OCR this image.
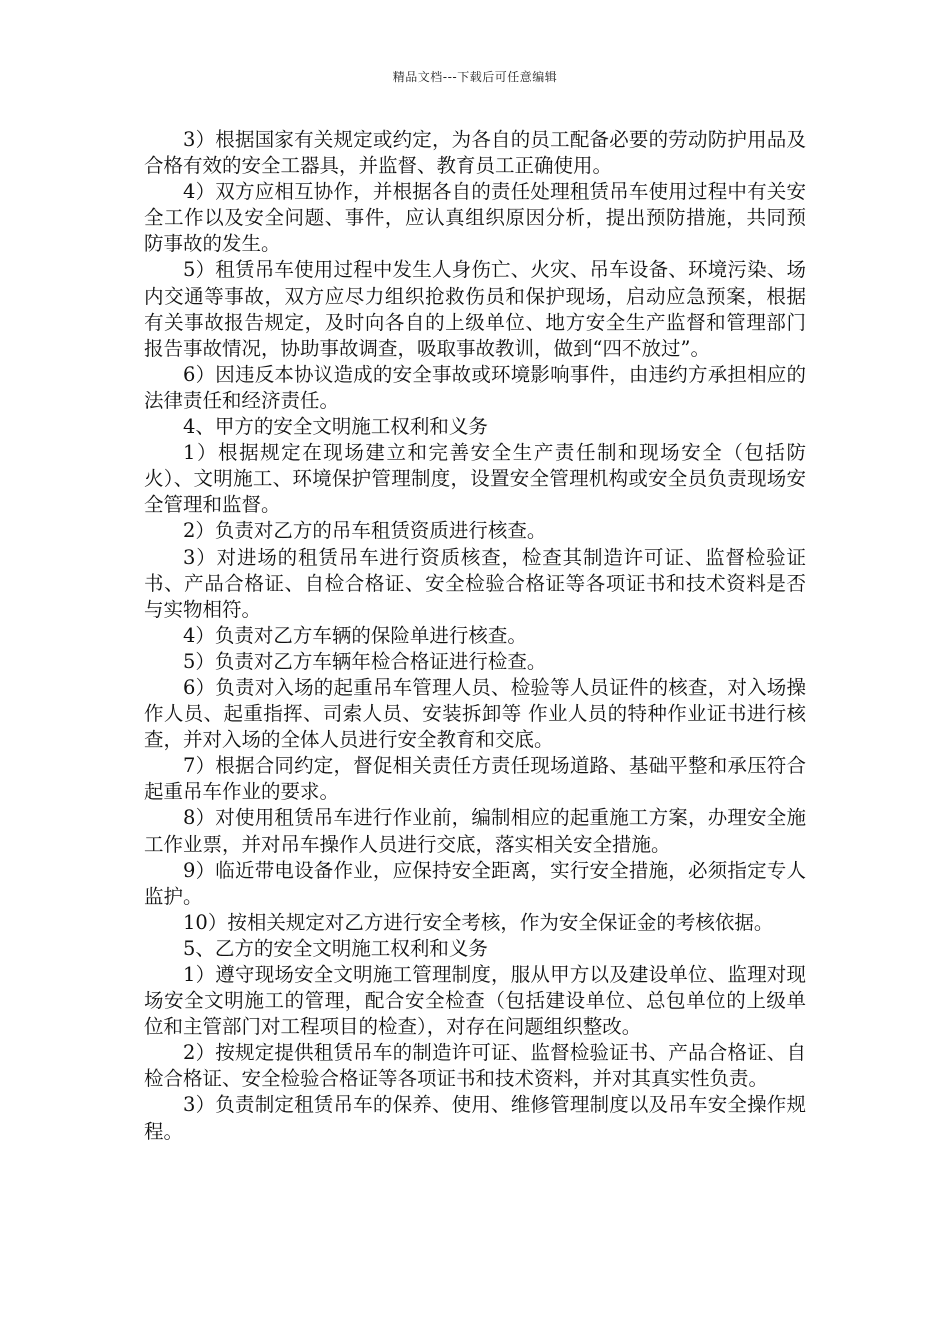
精品文档---下载后可任意编辑

3）根据国家有关规定或约定，为各自的员工配备必要的劳动防护用品及合格有效的安全工器具，并监督、教育员工正确使用。

4）双方应相互协作，并根据各自的责任处理租赁吊车使用过程中有关安全工作以及安全问题、事件，应认真组织原因分析，提出预防措施，共同预防事故的发生。

5）租赁吊车使用过程中发生人身伤亡、火灾、吊车设备、环境污染、场内交通等事故，双方应尽力组织抢救伤员和保护现场，启动应急预案，根据有关事故报告规定，及时向各自的上级单位、地方安全生产监督和管理部门报告事故情况，协助事故调查，吸取事故教训，做到“四不放过”。

6）因违反本协议造成的安全事故或环境影响事件，由违约方承担相应的法律责任和经济责任。

4、甲方的安全文明施工权利和义务

1）根据规定在现场建立和完善安全生产责任制和现场安全（包括防火）、文明施工、环境保护管理制度，设置安全管理机构或安全员负责现场安全管理和监督。

2）负责对乙方的吊车租赁资质进行核查。

3）对进场的租赁吊车进行资质核查，检查其制造许可证、监督检验证书、产品合格证、自检合格证、安全检验合格证等各项证书和技术资料是否与实物相符。

4）负责对乙方车辆的保险单进行核查。

5）负责对乙方车辆年检合格证进行检查。

6）负责对入场的起重吊车管理人员、检验等人员证件的核查，对入场操作人员、起重指挥、司索人员、安装拆卸等 作业人员的特种作业证书进行核查，并对入场的全体人员进行安全教育和交底。

7）根据合同约定，督促相关责任方责任现场道路、基础平整和承压符合起重吊车作业的要求。

8）对使用租赁吊车进行作业前，编制相应的起重施工方案，办理安全施工作业票，并对吊车操作人员进行交底，落实相关安全措施。

9）临近带电设备作业，应保持安全距离，实行安全措施，必须指定专人监护。

10）按相关规定对乙方进行安全考核，作为安全保证金的考核依据。

5、乙方的安全文明施工权利和义务

1）遵守现场安全文明施工管理制度，服从甲方以及建设单位、监理对现场安全文明施工的管理，配合安全检查（包括建设单位、总包单位的上级单位和主管部门对工程项目的检查），对存在问题组织整改。

2）按规定提供租赁吊车的制造许可证、监督检验证书、产品合格证、自检合格证、安全检验合格证等各项证书和技术资料，并对其真实性负责。

3）负责制定租赁吊车的保养、使用、维修管理制度以及吊车安全操作规程。
